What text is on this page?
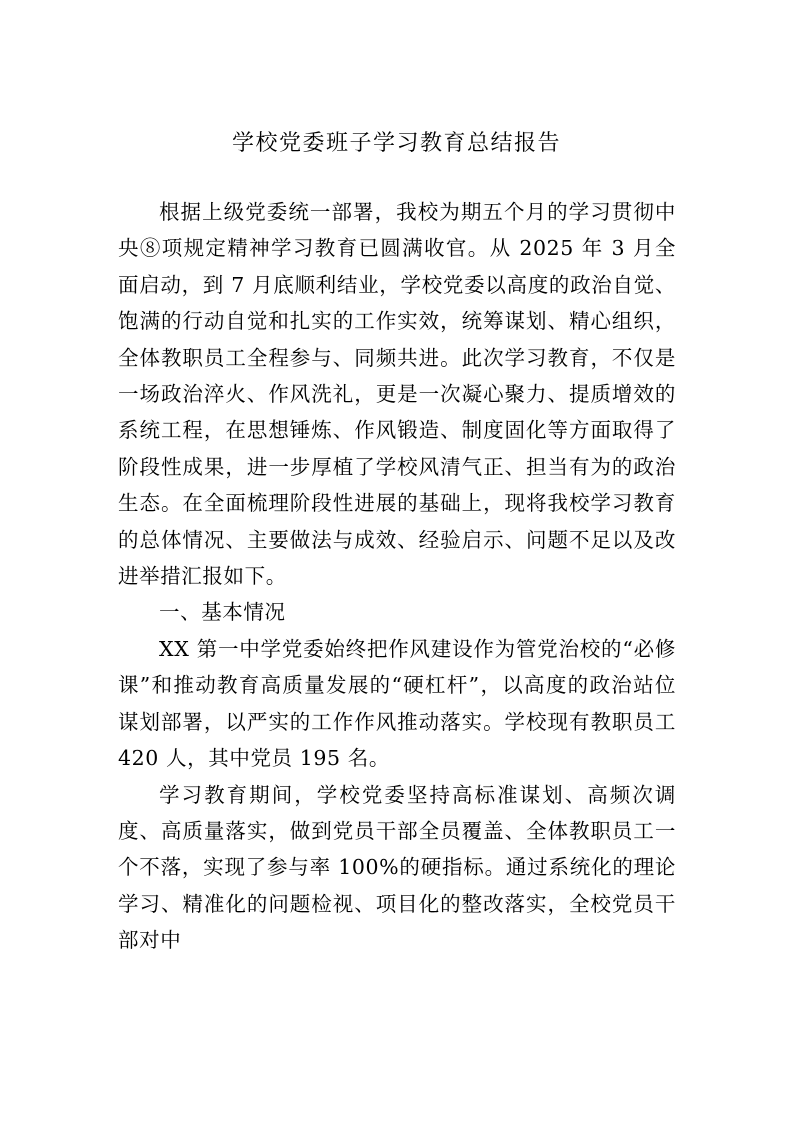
学校党委班子学习教育总结报告

根据上级党委统一部署，我校为期五个月的学习贯彻中央⑧项规定精神学习教育已圆满收官。从 2025 年 3 月全面启动，到 7 月底顺利结业，学校党委以高度的政治自觉、饱满的行动自觉和扎实的工作实效，统筹谋划、精心组织，全体教职员工全程参与、同频共进。此次学习教育，不仅是一场政治淬火、作风洗礼，更是一次凝心聚力、提质增效的系统工程，在思想锤炼、作风锻造、制度固化等方面取得了阶段性成果，进一步厚植了学校风清气正、担当有为的政治生态。在全面梳理阶段性进展的基础上，现将我校学习教育的总体情况、主要做法与成效、经验启示、问题不足以及改进举措汇报如下。

一、基本情况

XX 第一中学党委始终把作风建设作为管党治校的“必修课”和推动教育高质量发展的“硬杠杆”，以高度的政治站位谋划部署，以严实的工作作风推动落实。学校现有教职员工 420 人，其中党员 195 名。

学习教育期间，学校党委坚持高标准谋划、高频次调度、高质量落实，做到党员干部全员覆盖、全体教职员工一个不落，实现了参与率 100%的硬指标。通过系统化的理论学习、精准化的问题检视、项目化的整改落实，全校党员干部对中
